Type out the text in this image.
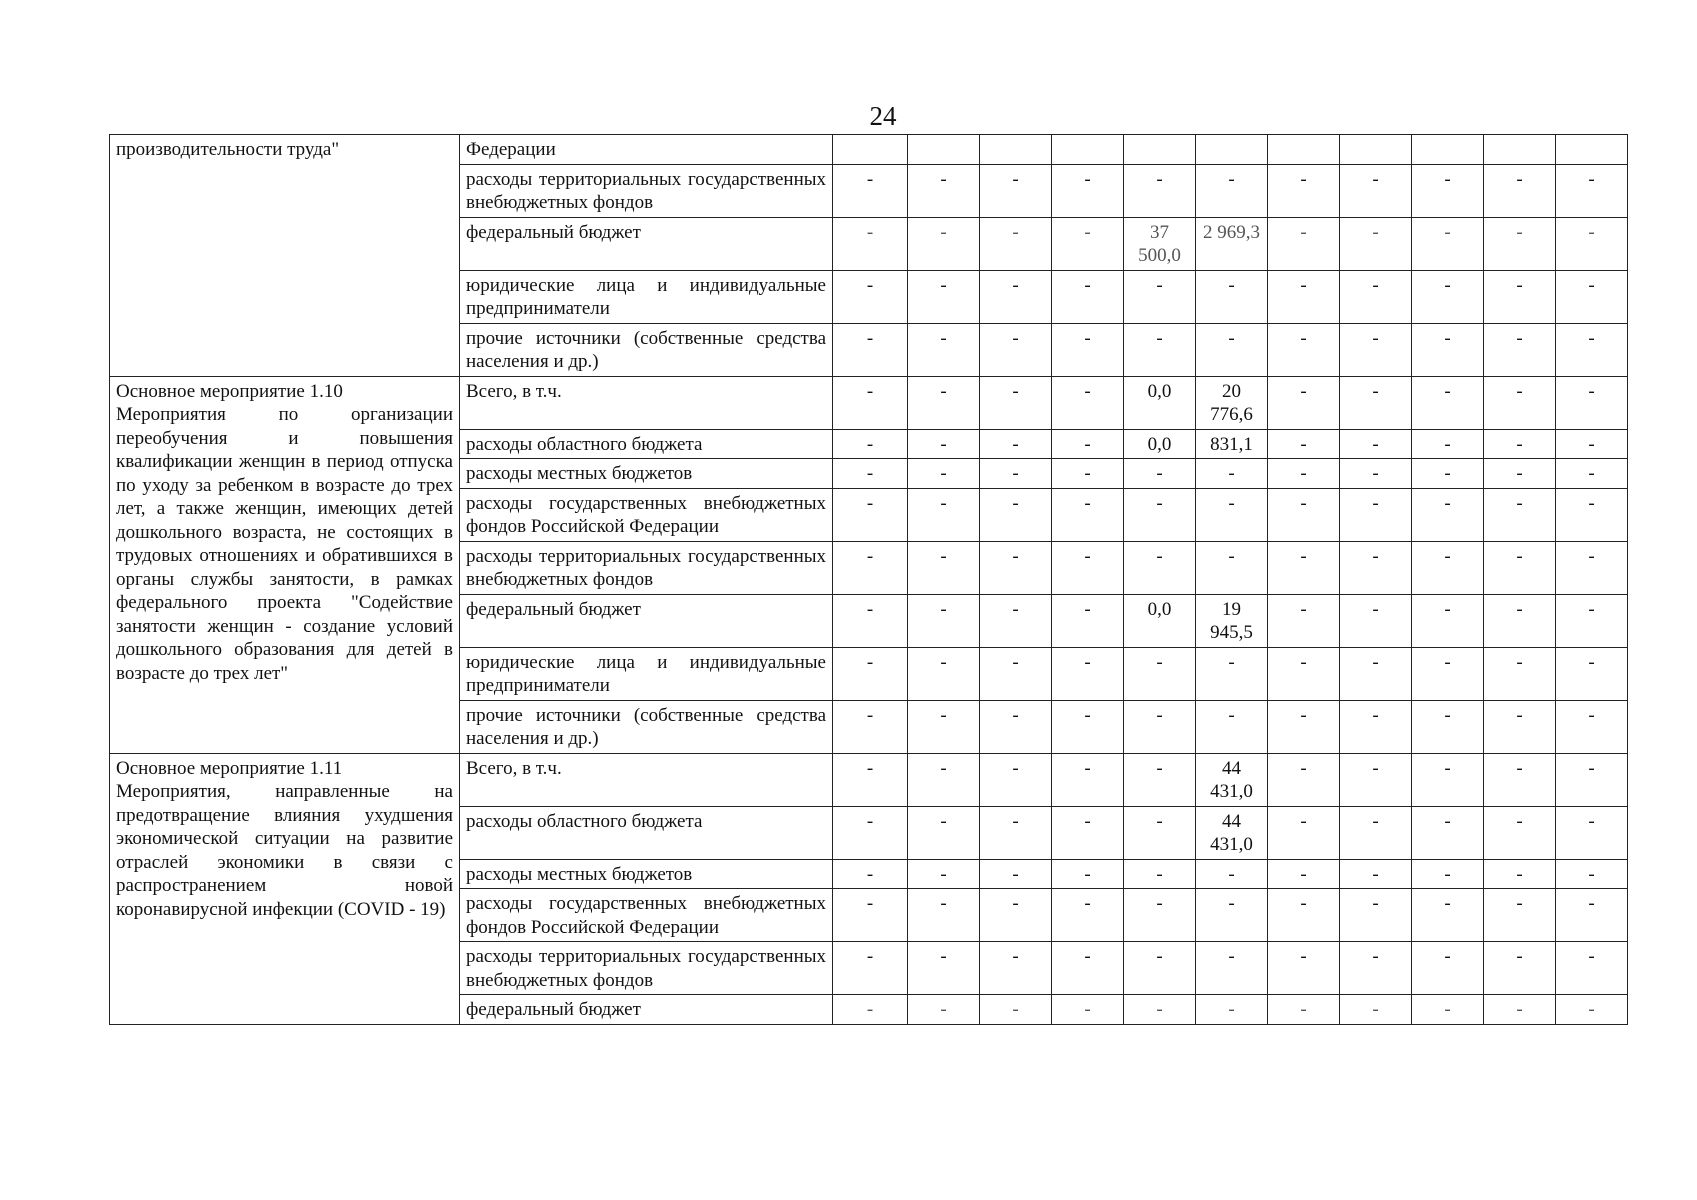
24
производительности труда"	Федерации											
	расходы территориальных государственных внебюджетных фондов	-	-	-	-	-	-	-	-	-	-	-
	федеральный бюджет	-	-	-	-	37 500,0	2 969,3	-	-	-	-	-
	юридические лица и индивидуальные предприниматели	-	-	-	-	-	-	-	-	-	-	-
	прочие источники (собственные средства населения и др.)	-	-	-	-	-	-	-	-	-	-	-

Основное мероприятие 1.10
Мероприятия по организации переобучения и повышения квалификации женщин в период отпуска по уходу за ребенком в возрасте до трех лет, а также женщин, имеющих детей дошкольного возраста, не состоящих в трудовых отношениях и обратившихся в органы службы занятости, в рамках федерального проекта "Содействие занятости женщин - создание условий дошкольного образования для детей в возрасте до трех лет"	Всего, в т.ч.	-	-	-	-	0,0	20 776,6	-	-	-	-	-
	расходы областного бюджета	-	-	-	-	0,0	831,1	-	-	-	-	-
	расходы местных бюджетов	-	-	-	-	-	-	-	-	-	-	-
	расходы государственных внебюджетных фондов Российской Федерации	-	-	-	-	-	-	-	-	-	-	-
	расходы территориальных государственных внебюджетных фондов	-	-	-	-	-	-	-	-	-	-	-
	федеральный бюджет	-	-	-	-	0,0	19 945,5	-	-	-	-	-
	юридические лица и индивидуальные предприниматели	-	-	-	-	-	-	-	-	-	-	-
	прочие источники (собственные средства населения и др.)	-	-	-	-	-	-	-	-	-	-	-

Основное мероприятие 1.11
Мероприятия, направленные на предотвращение влияния ухудшения экономической ситуации на развитие отраслей экономики в связи с распространением новой коронавирусной инфекции (COVID - 19)	Всего, в т.ч.	-	-	-	-	-	44 431,0	-	-	-	-	-
	расходы областного бюджета	-	-	-	-	-	44 431,0	-	-	-	-	-
	расходы местных бюджетов	-	-	-	-	-	-	-	-	-	-	-
	расходы государственных внебюджетных фондов Российской Федерации	-	-	-	-	-	-	-	-	-	-	-
	расходы территориальных государственных внебюджетных фондов	-	-	-	-	-	-	-	-	-	-	-
	федеральный бюджет	-	-	-	-	-	-	-	-	-	-	-
